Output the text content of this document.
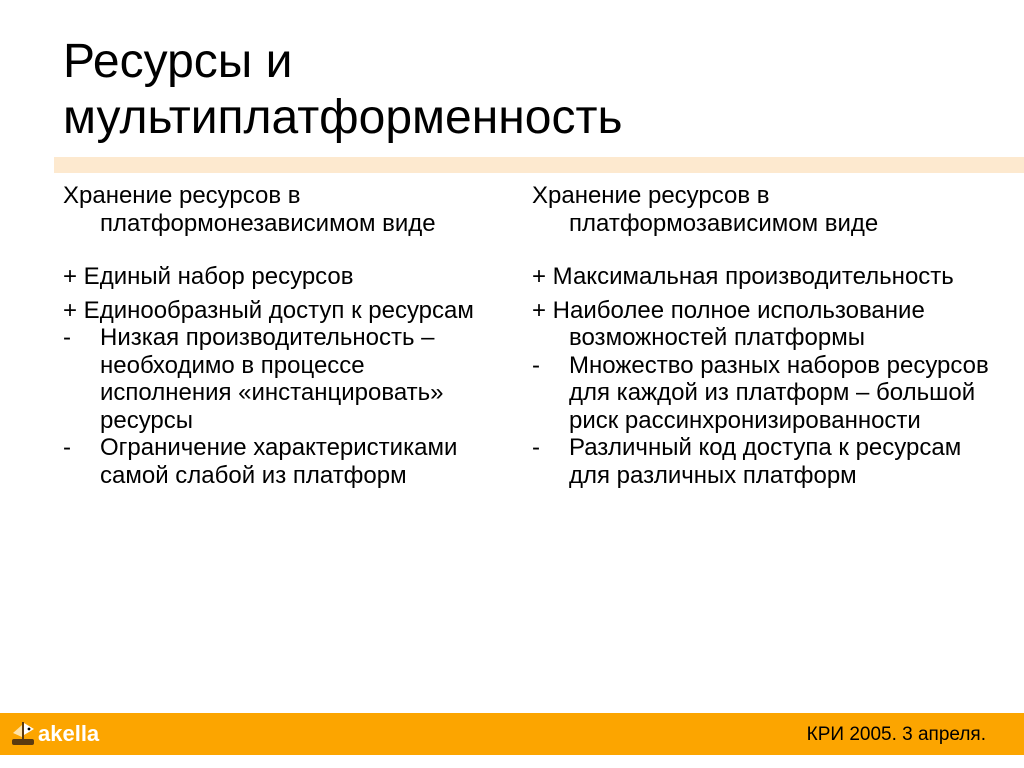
Ресурсы и
мультиплатформенность

Хранение ресурсов в платформонезависимом виде

+ Единый набор ресурсов

+ Единообразный доступ к ресурсам

-	Низкая производительность – необходимо в процессе исполнения «инстанцировать» ресурсы

-	Ограничение характеристиками самой слабой из платформ

Хранение ресурсов в платформозависимом виде

+ Максимальная производительность

+ Наиболее полное использование возможностей платформы

-	Множество разных наборов ресурсов для каждой из платформ – большой риск рассинхронизированности

-	Различный код доступа к ресурсам для различных платформ

akella	КРИ 2005. 3 апреля.
